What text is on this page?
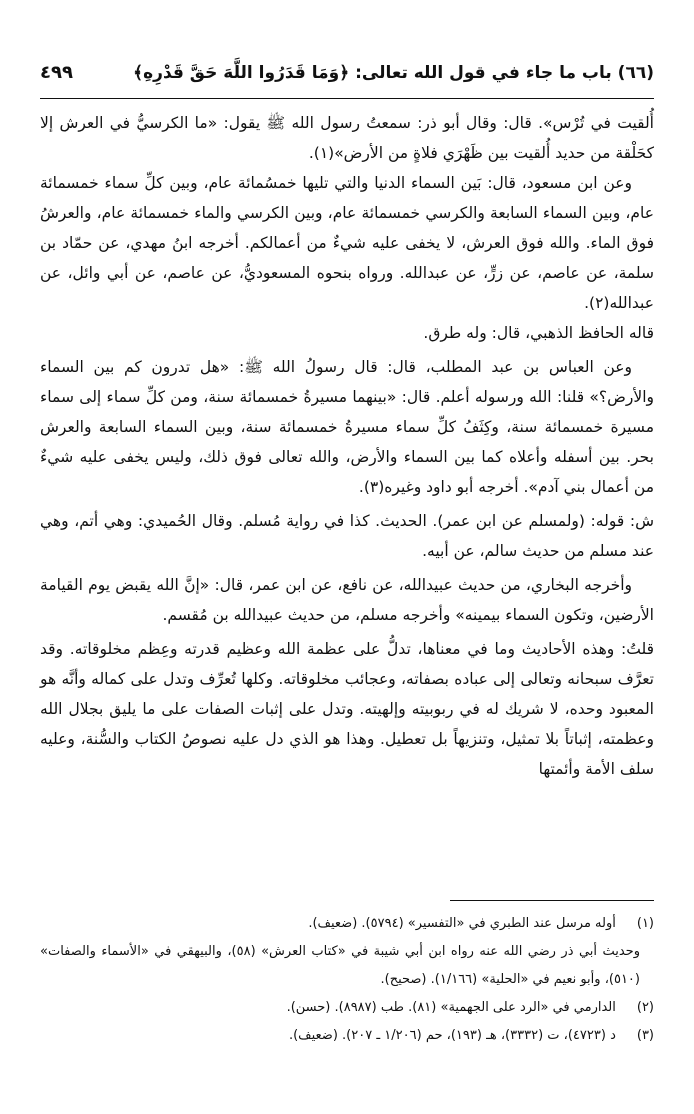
(٦٦) باب ما جاء في قول الله تعالى: ﴿وَمَا قَدَرُوا اللَّهَ حَقَّ قَدْرِهِ﴾
٤٩٩

أُلقيت في تُرْس». قال: وقال أبو ذر: سمعتُ رسول الله ﷺ يقول: «ما الكرسيُّ في العرش إلا كحَلْقة من حديد أُلقيت بين ظَهْرَي فلاةٍ من الأرض»(١).

وعن ابن مسعود، قال: بَين السماء الدنيا والتي تليها خمسُمائة عام، وبين كلِّ سماء خمسمائة عام، وبين السماء السابعة والكرسي خمسمائة عام، وبين الكرسي والماء خمسمائة عام، والعرشُ فوق الماء. والله فوق العرش، لا يخفى عليه شيءٌ من أعمالكم. أخرجه ابنُ مهدي، عن حمّاد بن سلمة، عن عاصم، عن زرٍّ، عن عبدالله. ورواه بنحوه المسعوديُّ، عن عاصم، عن أبي وائل، عن عبدالله(٢).

قاله الحافظ الذهبي، قال: وله طرق.

وعن العباس بن عبد المطلب، قال: قال رسولُ الله ﷺ: «هل تدرون كم بين السماء والأرض؟» قلنا: الله ورسوله أعلم. قال: «بينهما مسيرةُ خمسمائة سنة، ومن كلِّ سماء إلى سماء مسيرة خمسمائة سنة، وكِثَفُ كلِّ سماء مسيرةُ خمسمائة سنة، وبين السماء السابعة والعرش بحر. بين أسفله وأعلاه كما بين السماء والأرض، والله تعالى فوق ذلك، وليس يخفى عليه شيءٌ من أعمال بني آدم». أخرجه أبو داود وغيره(٣).

ش: قوله: (ولمسلم عن ابن عمر). الحديث. كذا في رواية مُسلم. وقال الحُميدي: وهي أتم، وهي عند مسلم من حديث سالم، عن أبيه.

وأخرجه البخاري، من حديث عبيدالله، عن نافع، عن ابن عمر، قال: «إنَّ الله يقبض يوم القيامة الأرضين، وتكون السماء بيمينه» وأخرجه مسلم، من حديث عبيدالله بن مُقسم.

قلتُ: وهذه الأحاديث وما في معناها، تدلُّ على عظمة الله وعظيم قدرته وعِظم مخلوقاته. وقد تعرَّف سبحانه وتعالى إلى عباده بصفاته، وعجائب مخلوقاته. وكلها تُعرِّف وتدل على كماله وأنَّه هو المعبود وحده، لا شريك له في ربوبيته وإلهيته. وتدل على إثبات الصفات على ما يليق بجلال الله وعظمته، إثباتاً بلا تمثيل، وتنزيهاً بل تعطيل. وهذا هو الذي دل عليه نصوصُ الكتاب والسُّنة، وعليه سلف الأمة وأئمتها

(١) أوله مرسل عند الطبري في «التفسير» (٥٧٩٤). (ضعيف).

وحديث أبي ذر رضي الله عنه رواه ابن أبي شيبة في «كتاب العرش» (٥٨)، والبيهقي في «الأسماء والصفات» (٥١٠)، وأبو نعيم في «الحلية» (١/١٦٦). (صحيح).

(٢) الدارمي في «الرد على الجهمية» (٨١). طب (٨٩٨٧). (حسن).

(٣) د (٤٧٢٣)، ت (٣٣٣٢)، هـ (١٩٣)، حم (١/٢٠٦ ـ ٢٠٧). (ضعيف).
